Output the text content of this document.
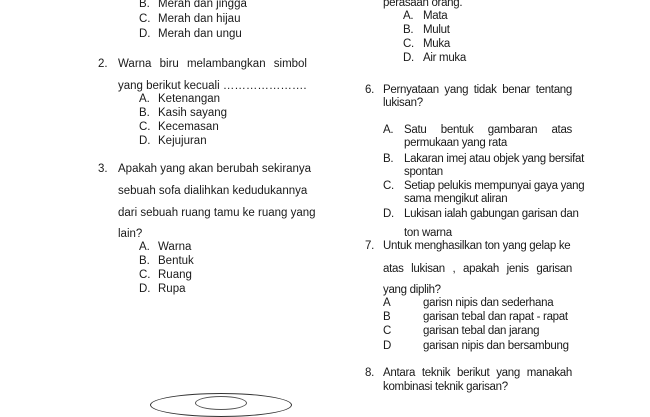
B. Merah dan jingga
C. Merah dan hijau
D. Merah dan ungu
2. Warna biru melambangkan simbol
yang berikut kecuali ………………….
A. Ketenangan
B. Kasih sayang
C. Kecemasan
D. Kejujuran
3. Apakah yang akan berubah sekiranya
sebuah sofa dialihkan kedudukannya
dari sebuah ruang tamu ke ruang yang
lain?
A. Warna
B. Bentuk
C. Ruang
D. Rupa
perasaan orang.
A. Mata
B. Mulut
C. Muka
D. Air muka
6. Pernyataan yang tidak benar tentang
lukisan?
A. Satu bentuk gambaran atas
permukaan yang rata
B. Lakaran imej atau objek yang bersifat
spontan
C. Setiap pelukis mempunyai gaya yang
sama mengikut aliran
D. Lukisan ialah gabungan garisan dan
ton warna
7. Untuk menghasilkan ton yang gelap ke
atas lukisan , apakah jenis garisan
yang diplih?
A	garisn nipis dan sederhana
B	garisan tebal dan rapat - rapat
C	garisan tebal dan jarang
D	garisan nipis dan bersambung
8. Antara teknik berikut yang manakah
kombinasi teknik garisan?
